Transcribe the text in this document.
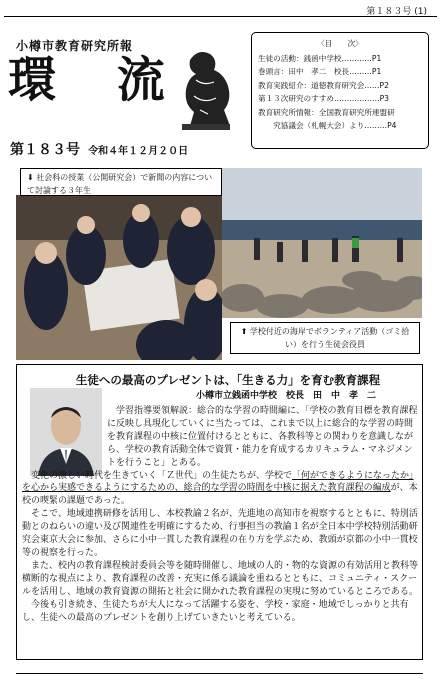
第１８３号 (1)
小樽市教育研究所報
環 流
〈目　　次〉
生徒の活動：銭函中学校…………P1
巻頭言：田中　孝二　校長………P1
教育実践紹介：道徳教育研究会……P2
第１３次研究のすすめ………………P3
教育研究所情報：全国教育研究所連盟研
究協議会（札幌大会）より………P4
第１８３号 令和４年１２月２０日
⬇ 社会科の授業（公開研究会）で新聞の内容について討論する３年生
⬆ 学校付近の海岸でボランティア活動（ゴミ拾い）を行う生徒会役員
生徒への最高のプレゼントは、「生きる力」を育む教育課程
小樽市立銭函中学校　校長　田　中　孝　二

学習指導要領解説：総合的な学習の時間編に、「学校の教育目標を教育課程に反映し具現化していくに当たっては、これまで以上に総合的な学習の時間を教育課程の中核に位置付けるとともに、各教科等との関わりを意識しながら、学校の教育活動全体で資質・能力を育成するカリキュラム・マネジメントを行うこと」とある。

変化の激しい時代を生きていく「Ｚ世代」の生徒たちが、学校で「何ができるようになったか」を心から実感できるようにするための、総合的な学習の時間を中核に据えた教育課程の編成が、本校の喫緊の課題であった。

そこで、地域連携研修を活用し、本校教諭２名が、先進地の高知市を視察するとともに、特別活動とのねらいの違い及び関連性を明確にするため、行事担当の教諭１名が全日本中学校特別活動研究会東京大会に参加、さらに小中一貫した教育課程の在り方を学ぶため、教頭が京都の小中一貫校等の視察を行った。

また、校内の教育課程検討委員会等を随時開催し、地域の人的・物的な資源の有効活用と教科等横断的な視点により、教育課程の改善・充実に係る議論を重ねるとともに、コミュニティ・スクールを活用し、地域の教育資源の開拓と社会に開かれた教育課程の実現に努めているところである。

今後も引き続き、生徒たちが大人になって活躍する姿を、学校・家庭・地域でしっかりと共有し、生徒への最高のプレゼントを創り上げていきたいと考えている。
